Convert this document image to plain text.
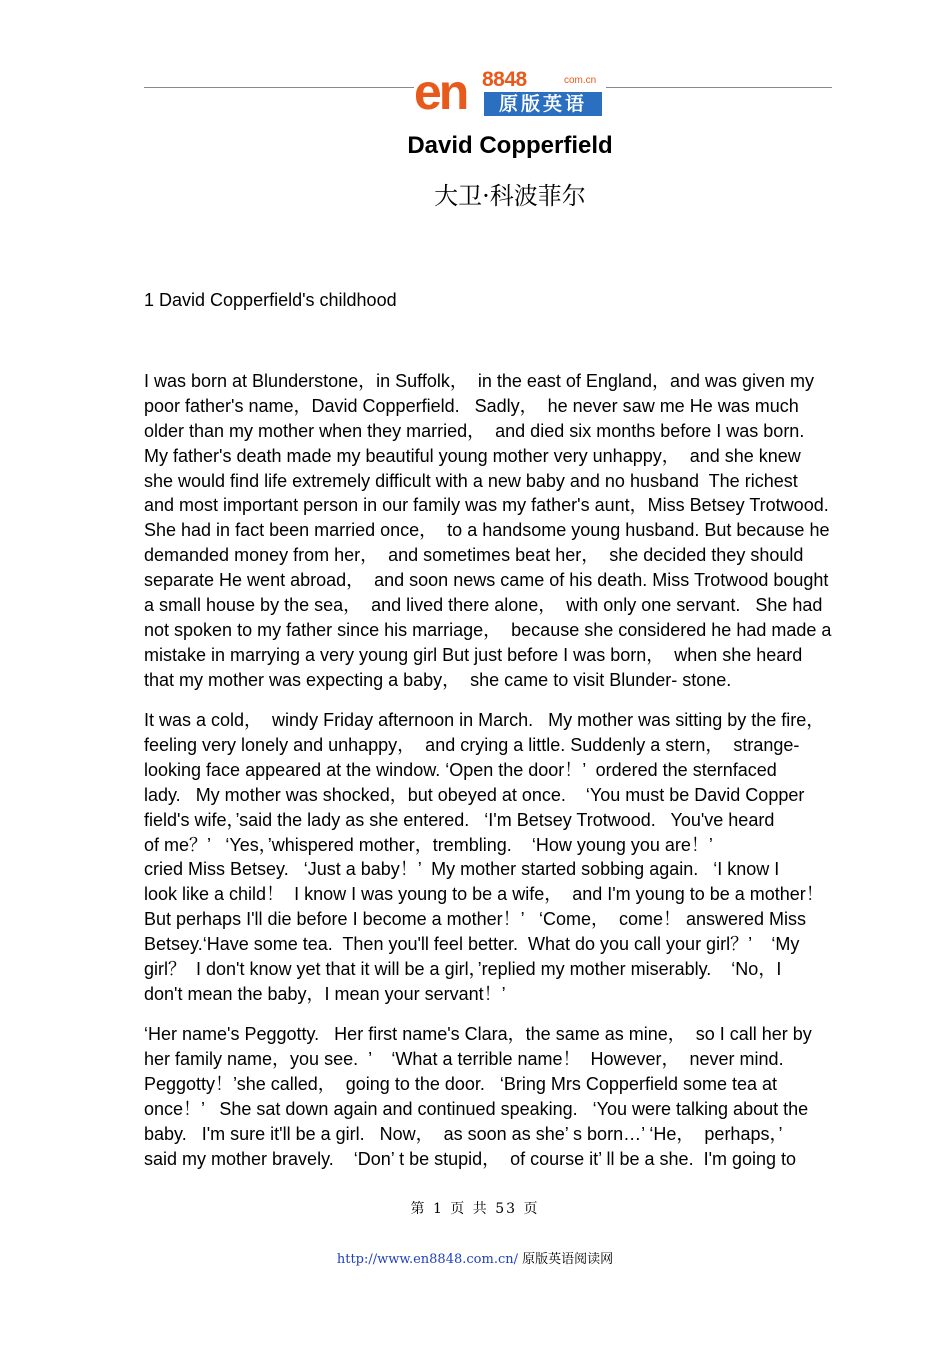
en 8848	com.cn
原版英语
David Copperfield
大卫·科波菲尔
1 David Copperfield's childhood
I was born at Blunderstone，in Suffolk，  in the east of England，and was given my
poor father's name，David Copperfield.   Sadly，  he never saw me He was much
older than my mother when they married，  and died six months before I was born.
My father's death made my beautiful young mother very unhappy，  and she knew
she would find life extremely difficult with a new baby and no husband  The richest
and most important person in our family was my father's aunt，Miss Betsey Trotwood.
She had in fact been married once，  to a handsome young husband. But because he
demanded money from her，  and sometimes beat her，  she decided they should
separate He went abroad，  and soon news came of his death. Miss Trotwood bought
a small house by the sea，  and lived there alone，  with only one servant.   She had
not spoken to my father since his marriage，  because she considered he had made a
mistake in marrying a very young girl But just before I was born，  when she heard
that my mother was expecting a baby，  she came to visit Blunder- stone.
It was a cold，  windy Friday afternoon in March.   My mother was sitting by the fire，
feeling very lonely and unhappy，  and crying a little. Suddenly a stern，  strange-
looking face appeared at the window. ‘Open the door！’  ordered the sternfaced
lady.   My mother was shocked，but obeyed at once.    ‘You must be David Copper
field's wife，’said the lady as she entered.   ‘I'm Betsey Trotwood.   You've heard
of me？’   ‘Yes，’whispered mother，trembling.    ‘How young you are！’
cried Miss Betsey.   ‘Just a baby！’  My mother started sobbing again.   ‘I know I
look like a child！  I know I was young to be a wife，  and I'm young to be a mother！
But perhaps I'll die before I become a mother！’   ‘Come，  come！ answered Miss
Betsey.‘Have some tea.  Then you'll feel better.  What do you call your girl？’    ‘My
girl？  I don't know yet that it will be a girl，’replied my mother miserably.    ‘No，I
don't mean the baby，I mean your servant！’
‘Her name's Peggotty.   Her first name's Clara，the same as mine，  so I call her by
her family name，you see.  ’    ‘What a terrible name！  However，  never mind.
Peggotty！’she called，  going to the door.   ‘Bring Mrs Copperfield some tea at
once！’   She sat down again and continued speaking.   ‘You were talking about the
baby.   I'm sure it'll be a girl.   Now，  as soon as she’ s born…’ ‘He，  perhaps，’
said my mother bravely.    ‘Don’ t be stupid，  of course it’ ll be a she.  I'm going to
第 1 页 共 53 页
http://www.en8848.com.cn/ 原版英语阅读网
